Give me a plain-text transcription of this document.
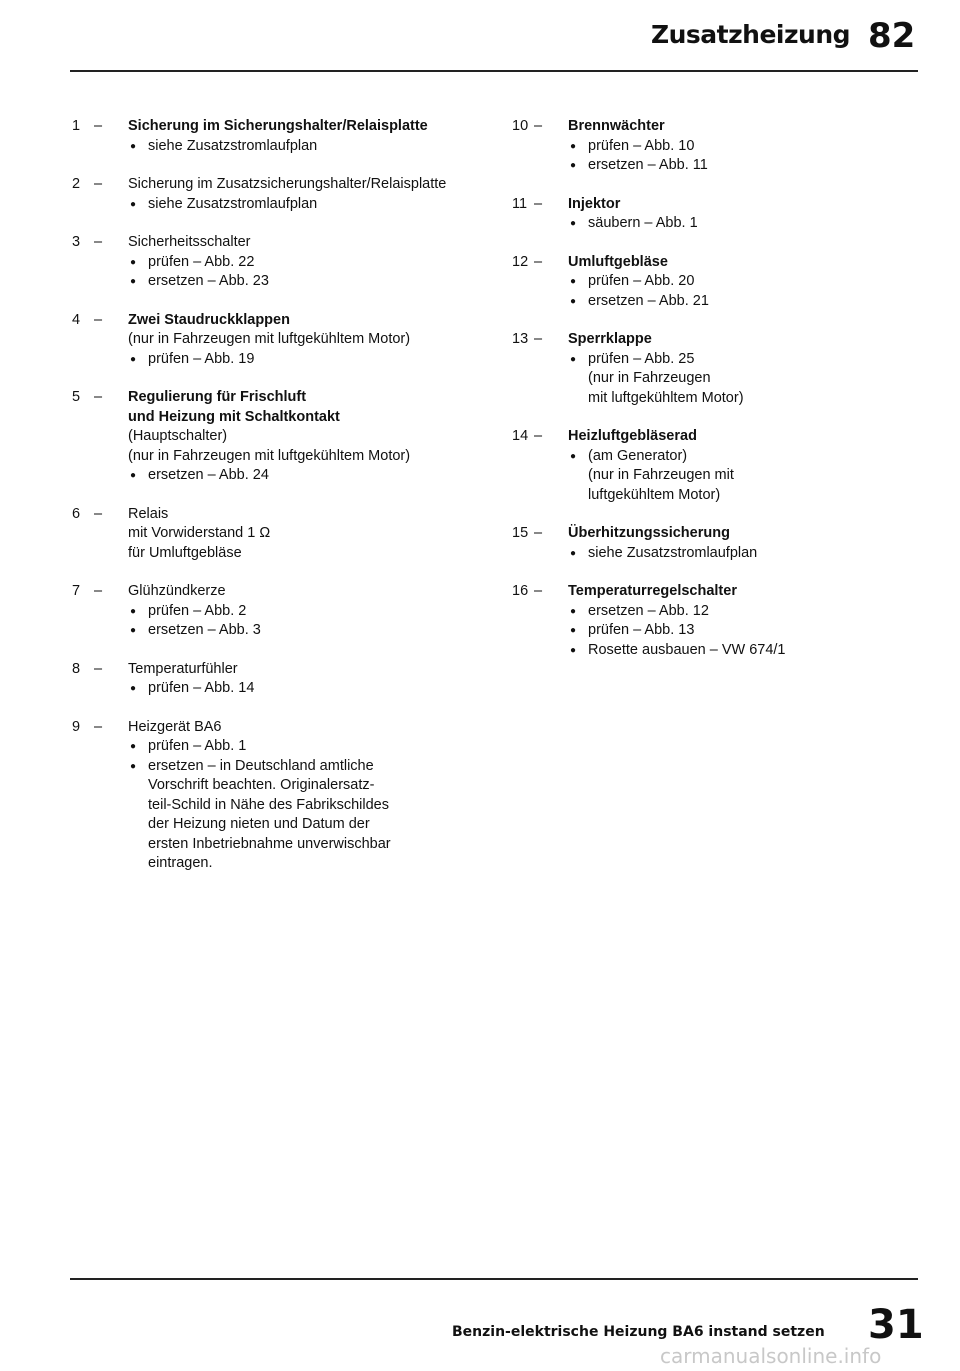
Zusatzheizung 82
1 – Sicherung im Sicherungshalter/Relaisplatte
● siehe Zusatzstromlaufplan
2 – Sicherung im Zusatzsicherungshalter/Relaisplatte
● siehe Zusatzstromlaufplan
3 – Sicherheitsschalter
● prüfen – Abb. 22
● ersetzen – Abb. 23
4 – Zwei Staudruckklappen
(nur in Fahrzeugen mit luftgekühltem Motor)
● prüfen – Abb. 19
5 – Regulierung für Frischluft
und Heizung mit Schaltkontakt
(Hauptschalter)
(nur in Fahrzeugen mit luftgekühltem Motor)
● ersetzen – Abb. 24
6 – Relais
mit Vorwiderstand 1 Ω
für Umluftgebläse
7 – Glühzündkerze
● prüfen – Abb. 2
● ersetzen – Abb. 3
8 – Temperaturfühler
● prüfen – Abb. 14
9 – Heizgerät BA6
● prüfen – Abb. 1
● ersetzen – in Deutschland amtliche
Vorschrift beachten. Originalersatz-
teil-Schild in Nähe des Fabrikschildes
der Heizung nieten und Datum der
ersten Inbetriebnahme unverwischbar
eintragen.
10 – Brennwächter
● prüfen – Abb. 10
● ersetzen – Abb. 11
11 – Injektor
● säubern – Abb. 1
12 – Umluftgebläse
● prüfen – Abb. 20
● ersetzen – Abb. 21
13 – Sperrklappe
● prüfen – Abb. 25
(nur in Fahrzeugen
mit luftgekühltem Motor)
14 – Heizluftgebläserad
● (am Generator)
(nur in Fahrzeugen mit
luftgekühltem Motor)
15 – Überhitzungssicherung
● siehe Zusatzstromlaufplan
16 – Temperaturregelschalter
● ersetzen – Abb. 12
● prüfen – Abb. 13
● Rosette ausbauen – VW 674/1
Benzin-elektrische Heizung BA6 instand setzen 31
carmanualsonline.info
